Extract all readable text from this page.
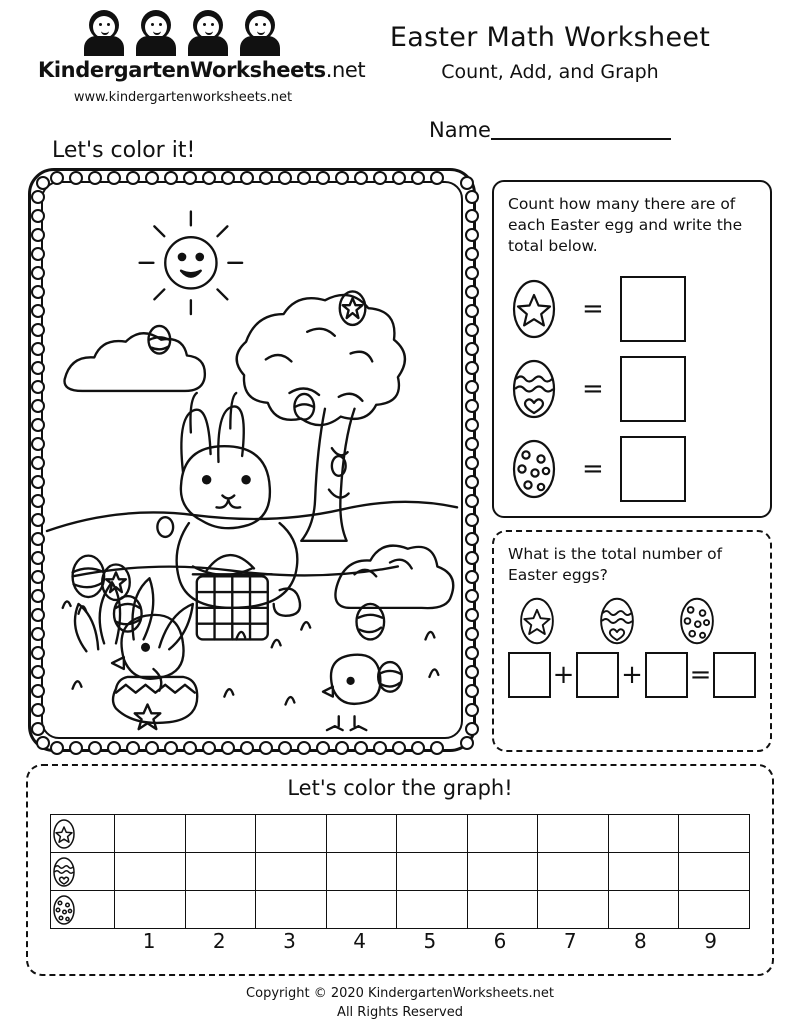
KindergartenWorksheets.net
www.kindergartenworksheets.net
Easter Math Worksheet
Count, Add, and Graph
Name
Let's color it!
Count how many there are of each Easter egg and write the total below.
=
=
=
What is the total number of Easter eggs?
+ + =
Let's color the graph!

1	2	3	4	5	6	7	8	9
Copyright © 2020 KindergartenWorksheets.net
All Rights Reserved
